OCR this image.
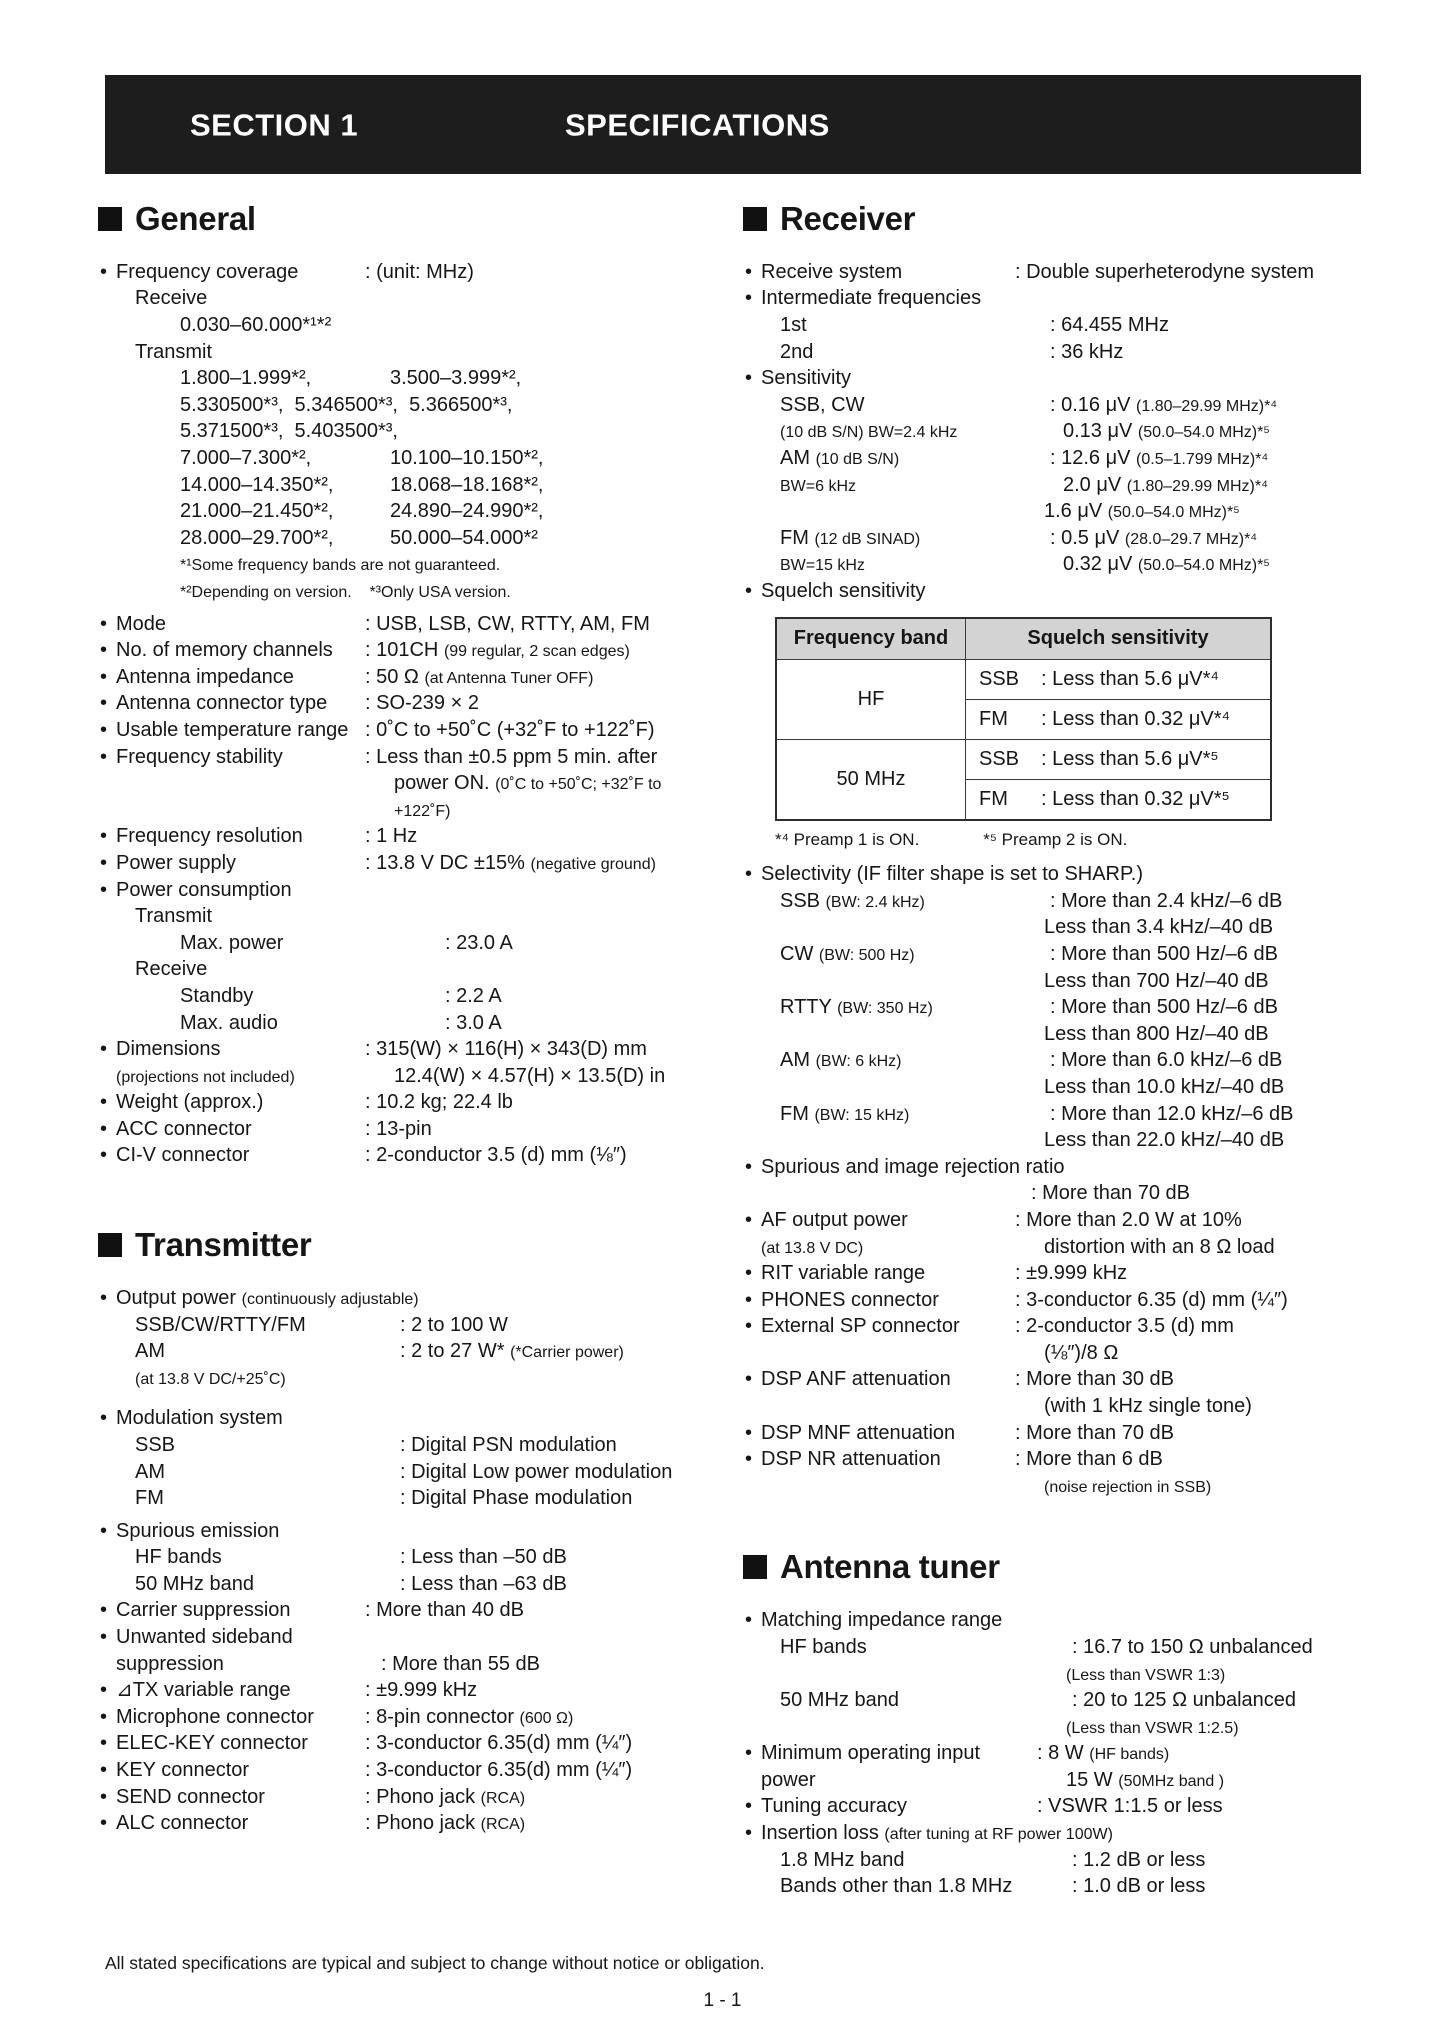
SECTION 1	SPECIFICATIONS
General
• Frequency coverage	: (unit: MHz)
Receive
0.030–60.000*¹*²
Transmit
1.800–1.999*²,	3.500–3.999*²,
5.330500*³,  5.346500*³,  5.366500*³,
5.371500*³,  5.403500*³,
7.000–7.300*²,	10.100–10.150*²,
14.000–14.350*²,	18.068–18.168*²,
21.000–21.450*²,	24.890–24.990*²,
28.000–29.700*²,	50.000–54.000*²
*¹Some frequency bands are not guaranteed.
*²Depending on version.    *³Only USA version.
• Mode	: USB, LSB, CW, RTTY, AM, FM
• No. of memory channels	: 101CH (99 regular, 2 scan edges)
• Antenna impedance	: 50 Ω (at Antenna Tuner OFF)
• Antenna connector type	: SO-239 × 2
• Usable temperature range : 0˚C to +50˚C (+32˚F to +122˚F)
• Frequency stability	: Less than ±0.5 ppm 5 min. after
power ON. (0˚C to +50˚C; +32˚F to
+122˚F)
• Frequency resolution	: 1 Hz
• Power supply	: 13.8 V DC ±15% (negative ground)
• Power consumption
Transmit
Max. power	: 23.0 A
Receive
Standby	: 2.2 A
Max. audio	: 3.0 A
• Dimensions	: 315(W) × 116(H) × 343(D) mm
(projections not included)	12.4(W) × 4.57(H) × 13.5(D) in
• Weight (approx.)	: 10.2 kg; 22.4 lb
• ACC connector	: 13-pin
• CI-V connector	: 2-conductor 3.5 (d) mm (⅛″)
Transmitter
• Output power (continuously adjustable)
SSB/CW/RTTY/FM	: 2 to 100 W
AM	: 2 to 27 W* (*Carrier power)
(at 13.8 V DC/+25˚C)
• Modulation system
SSB	: Digital PSN modulation
AM	: Digital Low power modulation
FM	: Digital Phase modulation
• Spurious emission
HF bands	: Less than –50 dB
50 MHz band	: Less than –63 dB
• Carrier suppression	: More than 40 dB
• Unwanted sideband
suppression	: More than 55 dB
• ⊿TX variable range	: ±9.999 kHz
• Microphone connector	: 8-pin connector (600 Ω)
• ELEC-KEY connector	: 3-conductor 6.35(d) mm (¼″)
• KEY connector	: 3-conductor 6.35(d) mm (¼″)
• SEND connector	: Phono jack (RCA)
• ALC connector	: Phono jack (RCA)
Receiver
• Receive system	: Double superheterodyne system
• Intermediate frequencies
1st	: 64.455 MHz
2nd	: 36 kHz
• Sensitivity
SSB, CW	: 0.16 μV (1.80–29.99 MHz)*⁴
(10 dB S/N) BW=2.4 kHz	0.13 μV (50.0–54.0 MHz)*⁵
AM (10 dB S/N)	: 12.6 μV (0.5–1.799 MHz)*⁴
BW=6 kHz	2.0 μV (1.80–29.99 MHz)*⁴
1.6 μV (50.0–54.0 MHz)*⁵
FM (12 dB SINAD)	: 0.5 μV (28.0–29.7 MHz)*⁴
BW=15 kHz	0.32 μV (50.0–54.0 MHz)*⁵
• Squelch sensitivity
Frequency band	Squelch sensitivity
HF	SSB : Less than 5.6 μV*⁴
	FM : Less than 0.32 μV*⁴
50 MHz	SSB : Less than 5.6 μV*⁵
	FM : Less than 0.32 μV*⁵
*⁴ Preamp 1 is ON.	*⁵ Preamp 2 is ON.
• Selectivity (IF filter shape is set to SHARP.)
SSB (BW: 2.4 kHz)	: More than 2.4 kHz/–6 dB
Less than 3.4 kHz/–40 dB
CW (BW: 500 Hz)	: More than 500 Hz/–6 dB
Less than 700 Hz/–40 dB
RTTY (BW: 350 Hz)	: More than 500 Hz/–6 dB
Less than 800 Hz/–40 dB
AM (BW: 6 kHz)	: More than 6.0 kHz/–6 dB
Less than 10.0 kHz/–40 dB
FM (BW: 15 kHz)	: More than 12.0 kHz/–6 dB
Less than 22.0 kHz/–40 dB
• Spurious and image rejection ratio
: More than 70 dB
• AF output power	: More than 2.0 W at 10%
(at 13.8 V DC)	distortion with an 8 Ω load
• RIT variable range	: ±9.999 kHz
• PHONES connector	: 3-conductor 6.35 (d) mm (¼″)
• External SP connector	: 2-conductor 3.5 (d) mm
(⅛″)/8 Ω
• DSP ANF attenuation	: More than 30 dB
(with 1 kHz single tone)
• DSP MNF attenuation	: More than 70 dB
• DSP NR attenuation	: More than 6 dB
(noise rejection in SSB)
Antenna tuner
• Matching impedance range
HF bands	: 16.7 to 150 Ω unbalanced
(Less than VSWR 1:3)
50 MHz band	: 20 to 125 Ω unbalanced
(Less than VSWR 1:2.5)
• Minimum operating input	: 8 W (HF bands)
power	15 W (50MHz band )
• Tuning accuracy	: VSWR 1:1.5 or less
• Insertion loss (after tuning at RF power 100W)
1.8 MHz band	: 1.2 dB or less
Bands other than 1.8 MHz	: 1.0 dB or less
All stated specifications are typical and subject to change without notice or obligation.
1 - 1
